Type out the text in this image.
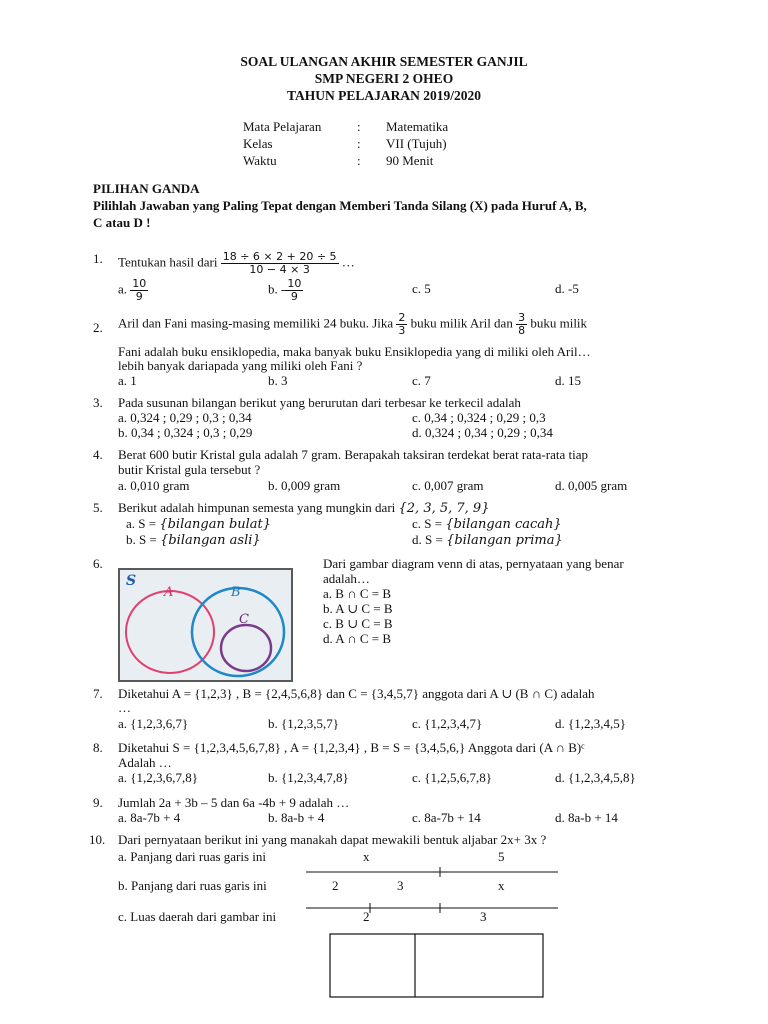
SOAL ULANGAN AKHIR SEMESTER GANJIL
SMP NEGERI 2 OHEO
TAHUN PELAJARAN 2019/2020
Mata Pelajaran	: Matematika
Kelas	: VII (Tujuh)
Waktu	: 90 Menit
PILIHAN GANDA
Pilihlah Jawaban yang Paling Tepat dengan Memberi Tanda Silang (X) pada Huruf A, B,
C atau D !
1. Tentukan hasil dari $\frac{18 \div 6 \times 2 + 20 \div 5}{10 - 4 \times 3}$ …
a. $\frac{10}{9}$	b. - $\frac{10}{9}$	c. 5	d. -5
2. Aril dan Fani masing-masing memiliki 24 buku. Jika $\frac{2}{3}$ buku milik Aril dan $\frac{3}{8}$ buku milik
Fani adalah buku ensiklopedia, maka banyak buku Ensiklopedia yang di miliki oleh Aril…
lebih banyak dariapada yang miliki oleh Fani ?
a. 1	b. 3	c. 7	d. 15
3. Pada susunan bilangan berikut yang berurutan dari terbesar ke terkecil adalah
a. 0,324 ; 0,29 ; 0,3 ; 0,34	c. 0,34 ; 0,324 ; 0,29 ; 0,3
b. 0,34 ; 0,324 ; 0,3 ; 0,29	d. 0,324 ; 0,34 ; 0,29 ; 0,34
4. Berat 600 butir Kristal gula adalah 7 gram. Berapakah taksiran terdekat berat rata-rata tiap
butir Kristal gula tersebut ?
a. 0,010 gram	b. 0,009 gram	c. 0,007 gram	d. 0,005 gram
5. Berikut adalah himpunan semesta yang mungkin dari {2, 3, 5, 7, 9}
a. S = {bilangan bulat}	c. S = {bilangan cacah}
b. S = {bilangan asli}	d. S = {bilangan prima}
6.
S
A	B
C
Dari gambar diagram venn di atas, pernyataan yang benar
adalah…
a. B ∩ C = B
b. A ∪ C = B
c. B ∪ C = B
d. A ∩ C = B
7. Diketahui A = {1,2,3} , B = {2,4,5,6,8} dan C = {3,4,5,7} anggota dari A ∪ (B ∩ C) adalah
…
a. {1,2,3,6,7}	b. {1,2,3,5,7}	c. {1,2,3,4,7}	d. {1,2,3,4,5}
8. Diketahui S = {1,2,3,4,5,6,7,8} , A = {1,2,3,4} , B = S = {3,4,5,6,} Anggota dari (A ∩ B)ᶜ
Adalah …
a. {1,2,3,6,7,8}	b. {1,2,3,4,7,8}	c. {1,2,5,6,7,8}	d. {1,2,3,4,5,8}
9. Jumlah 2a + 3b – 5 dan 6a -4b + 9 adalah …
a. 8a-7b + 4	b. 8a-b + 4	c. 8a-7b + 14	d. 8a-b + 14
10. Dari pernyataan berikut ini yang manakah dapat mewakili bentuk aljabar 2x+ 3x ?
a. Panjang dari ruas garis ini	x	5
b. Panjang dari ruas garis ini	2	3	x
c. Luas daerah dari gambar ini	2	3
